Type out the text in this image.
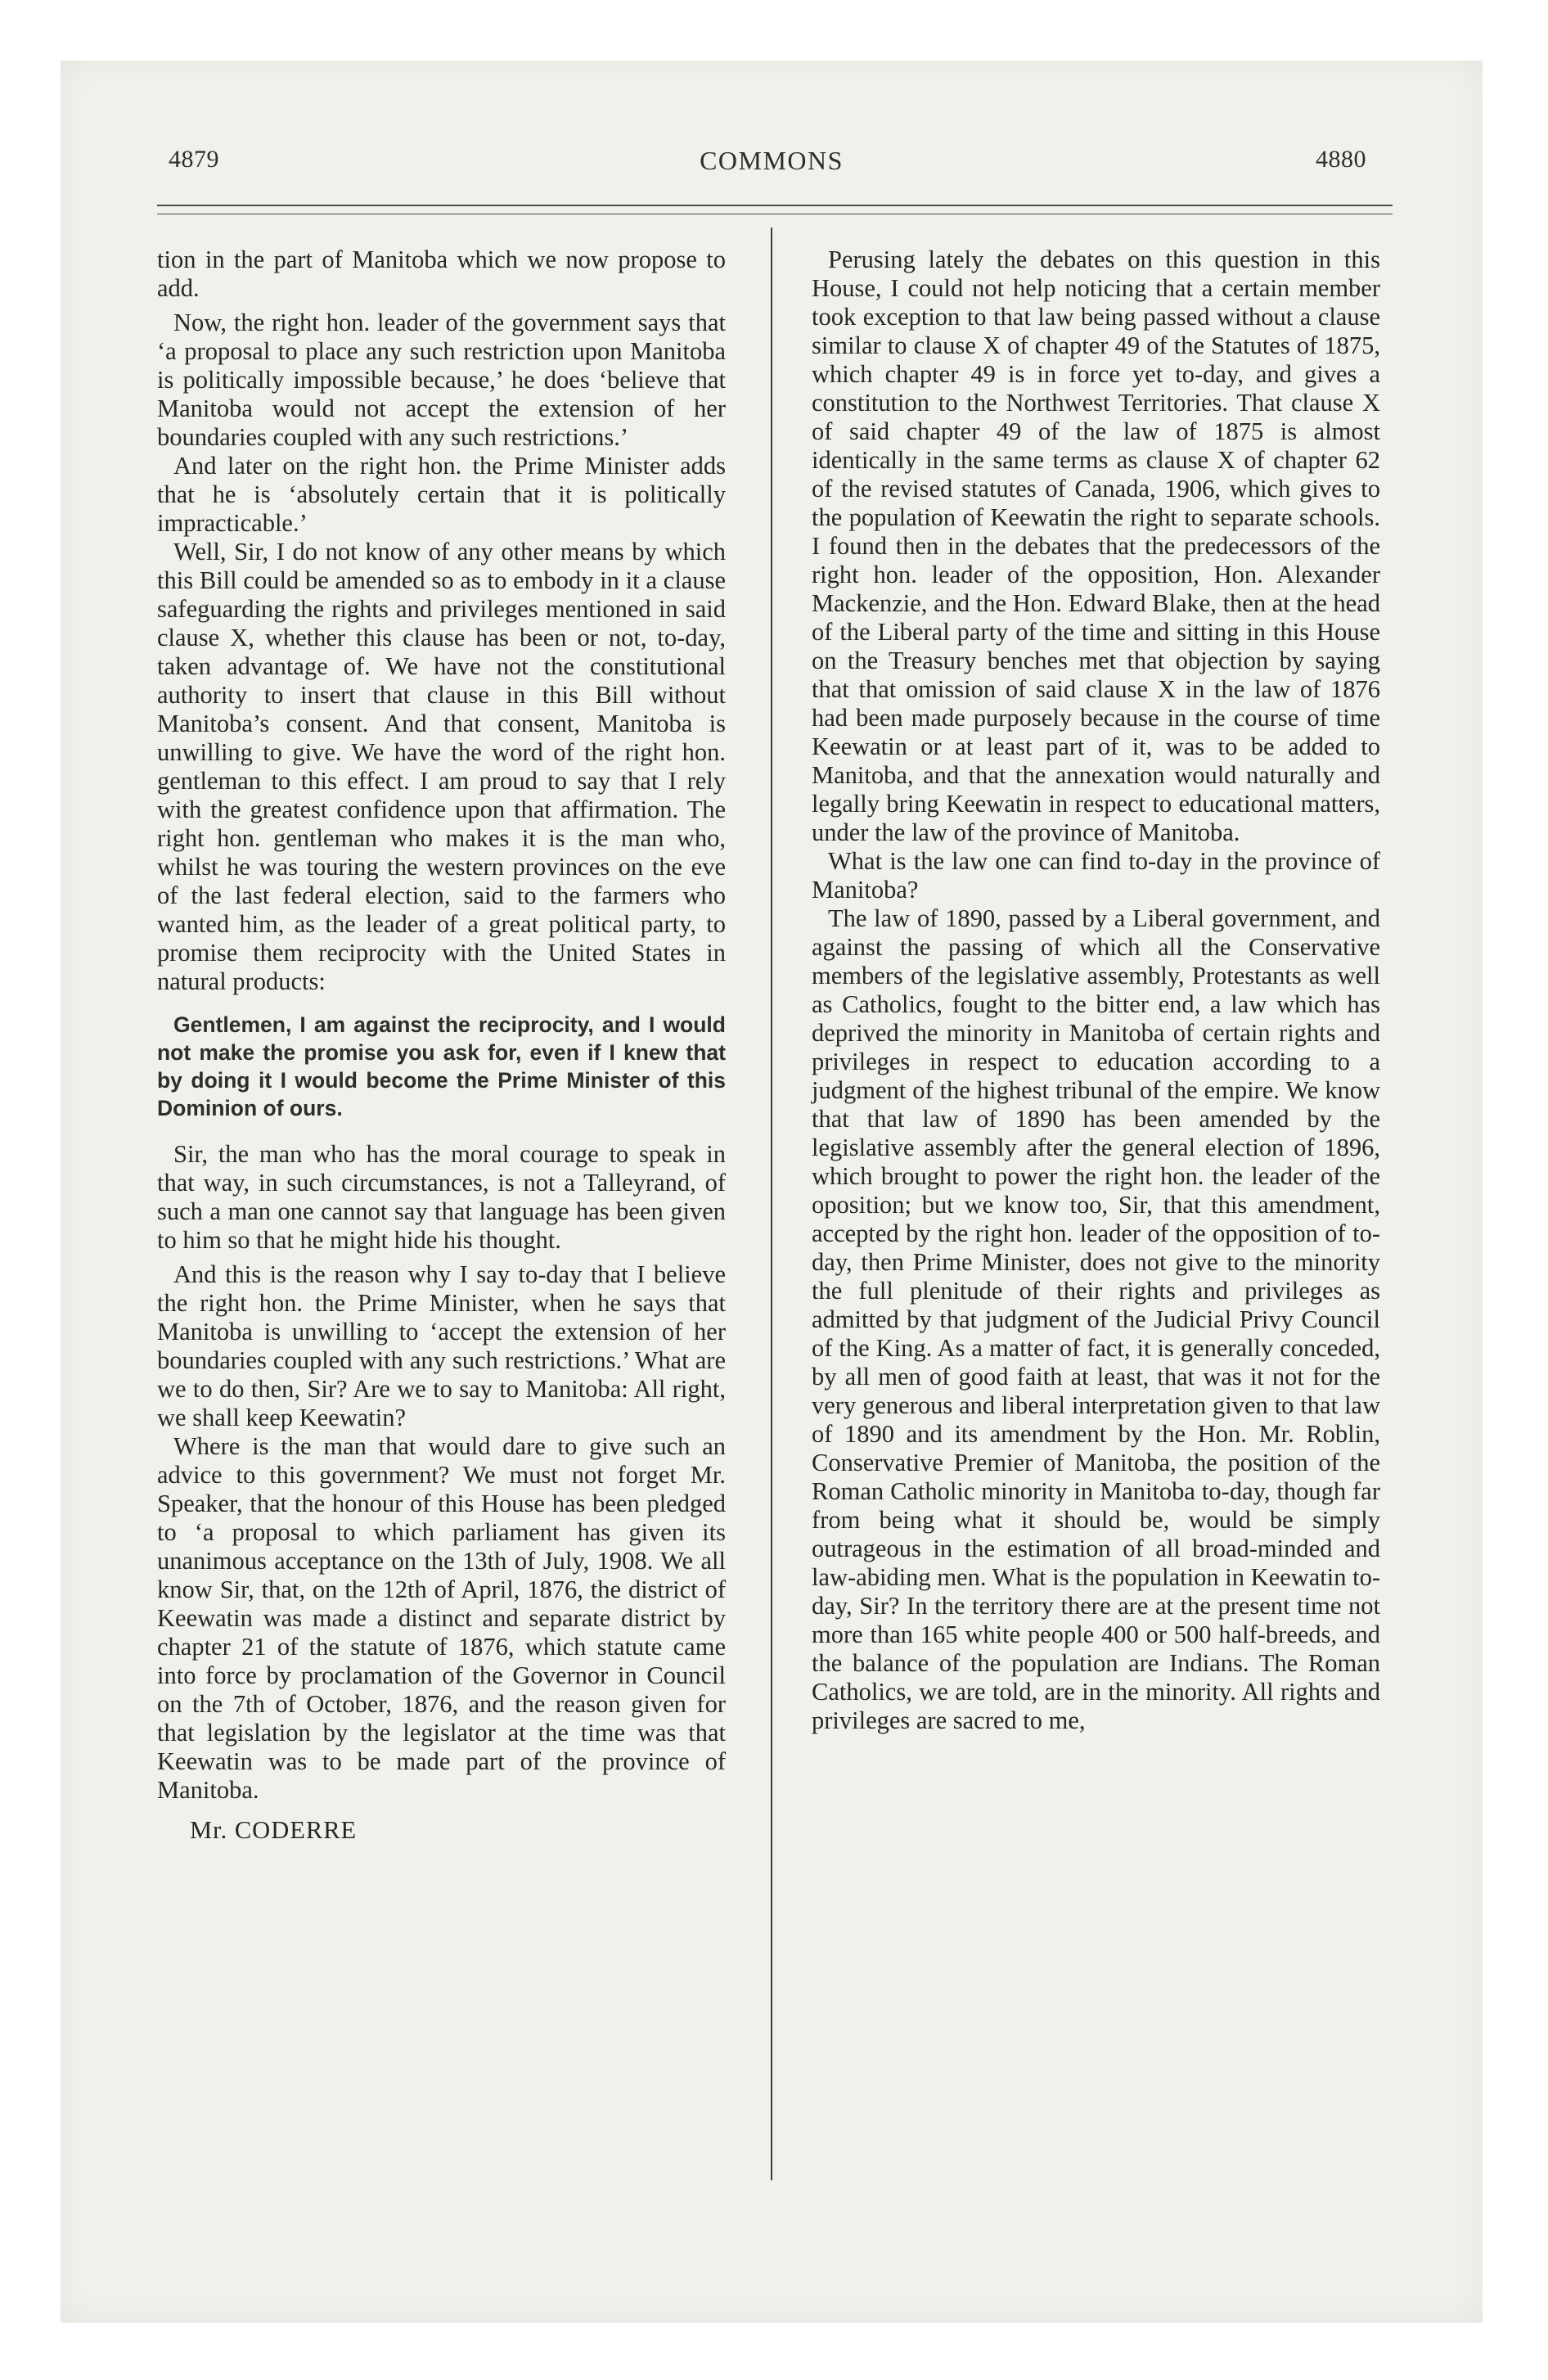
4879	COMMONS	4880

tion in the part of Manitoba which we now propose to add.

Now, the right hon. leader of the government says that ‘a proposal to place any such restriction upon Manitoba is politically impossible because,’ he does ‘believe that Manitoba would not accept the extension of her boundaries coupled with any such restrictions.’

And later on the right hon. the Prime Minister adds that he is ‘absolutely certain that it is politically impracticable.’

Well, Sir, I do not know of any other means by which this Bill could be amended so as to embody in it a clause safeguarding the rights and privileges mentioned in said clause X, whether this clause has been or not, to-day, taken advantage of. We have not the constitutional authority to insert that clause in this Bill without Manitoba’s consent. And that consent, Manitoba is unwilling to give. We have the word of the right hon. gentleman to this effect. I am proud to say that I rely with the greatest confidence upon that affirmation. The right hon. gentleman who makes it is the man who, whilst he was touring the western provinces on the eve of the last federal election, said to the farmers who wanted him, as the leader of a great political party, to promise them reciprocity with the United States in natural products:

Gentlemen, I am against the reciprocity, and I would not make the promise you ask for, even if I knew that by doing it I would become the Prime Minister of this Dominion of ours.

Sir, the man who has the moral courage to speak in that way, in such circumstances, is not a Talleyrand, of such a man one cannot say that language has been given to him so that he might hide his thought.

And this is the reason why I say to-day that I believe the right hon. the Prime Minister, when he says that Manitoba is unwilling to ‘accept the extension of her boundaries coupled with any such restrictions.’ What are we to do then, Sir? Are we to say to Manitoba: All right, we shall keep Keewatin?

Where is the man that would dare to give such an advice to this government? We must not forget Mr. Speaker, that the honour of this House has been pledged to ‘a proposal to which parliament has given its unanimous acceptance on the 13th of July, 1908. We all know Sir, that, on the 12th of April, 1876, the district of Keewatin was made a distinct and separate district by chapter 21 of the statute of 1876, which statute came into force by proclamation of the Governor in Council on the 7th of October, 1876, and the reason given for that legislation by the legislator at the time was that Keewatin was to be made part of the province of Manitoba.

Mr. CODERRE

Perusing lately the debates on this question in this House, I could not help noticing that a certain member took exception to that law being passed without a clause similar to clause X of chapter 49 of the Statutes of 1875, which chapter 49 is in force yet to-day, and gives a constitution to the Northwest Territories. That clause X of said chapter 49 of the law of 1875 is almost identically in the same terms as clause X of chapter 62 of the revised statutes of Canada, 1906, which gives to the population of Keewatin the right to separate schools. I found then in the debates that the predecessors of the right hon. leader of the opposition, Hon. Alexander Mackenzie, and the Hon. Edward Blake, then at the head of the Liberal party of the time and sitting in this House on the Treasury benches met that objection by saying that that omission of said clause X in the law of 1876 had been made purposely because in the course of time Keewatin or at least part of it, was to be added to Manitoba, and that the annexation would naturally and legally bring Keewatin in respect to educational matters, under the law of the province of Manitoba.

What is the law one can find to-day in the province of Manitoba?

The law of 1890, passed by a Liberal government, and against the passing of which all the Conservative members of the legislative assembly, Protestants as well as Catholics, fought to the bitter end, a law which has deprived the minority in Manitoba of certain rights and privileges in respect to education according to a judgment of the highest tribunal of the empire. We know that that law of 1890 has been amended by the legislative assembly after the general election of 1896, which brought to power the right hon. the leader of the oposition; but we know too, Sir, that this amendment, accepted by the right hon. leader of the opposition of to-day, then Prime Minister, does not give to the minority the full plenitude of their rights and privileges as admitted by that judgment of the Judicial Privy Council of the King. As a matter of fact, it is generally conceded, by all men of good faith at least, that was it not for the very generous and liberal interpretation given to that law of 1890 and its amendment by the Hon. Mr. Roblin, Conservative Premier of Manitoba, the position of the Roman Catholic minority in Manitoba to-day, though far from being what it should be, would be simply outrageous in the estimation of all broad-minded and law-abiding men. What is the population in Keewatin to-day, Sir? In the territory there are at the present time not more than 165 white people 400 or 500 half-breeds, and the balance of the population are Indians. The Roman Catholics, we are told, are in the minority. All rights and privileges are sacred to me,
